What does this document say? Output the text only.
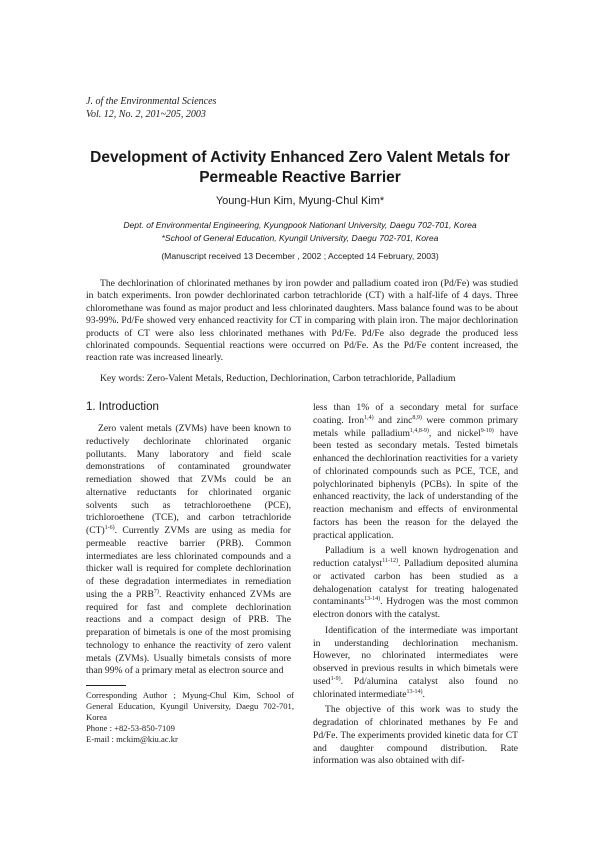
J. of the Environmental Sciences
Vol. 12, No. 2, 201~205, 2003
Development of Activity Enhanced Zero Valent Metals for
Permeable Reactive Barrier
Young-Hun Kim, Myung-Chul Kim*
Dept. of Environmental Engineering, Kyungpook Nationanl University, Daegu 702-701, Korea
*School of General Education, Kyungil University, Daegu 702-701, Korea
(Manuscript received 13 December , 2002 ; Accepted 14 February, 2003)

The dechlorination of chlorinated methanes by iron powder and palladium coated iron (Pd/Fe) was studied in batch experiments. Iron powder dechlorinated carbon tetrachloride (CT) with a half-life of 4 days. Three chloromethane was found as major product and less chlorinated daughters. Mass balance found was to be about 93-99%. Pd/Fe showed very enhanced reactivity for CT in comparing with plain iron. The major dechlorination products of CT were also less chlorinated methanes with Pd/Fe. Pd/Fe also degrade the produced less chlorinated compounds. Sequential reactions were occurred on Pd/Fe. As the Pd/Fe content increased, the reaction rate was increased linearly.

Key words: Zero-Valent Metals, Reduction, Dechlorination, Carbon tetrachloride, Palladium
1. Introduction

Zero valent metals (ZVMs) have been known to reductively dechlorinate chlorinated organic pollutants. Many laboratory and field scale demonstrations of contaminated groundwater remediation showed that ZVMs could be an alternative reductants for chlorinated organic solvents such as tetrachloroethene (PCE), trichloroethene (TCE), and carbon tetrachloride (CT)$^{1-6)}$. Currently ZVMs are using as media for permeable reactive barrier (PRB). Common intermediates are less chlorinated compounds and a thicker wall is required for complete dechlorination of these degradation intermediates in remediation using the a PRB$^{7)}$. Reactivity enhanced ZVMs are required for fast and complete dechlorination reactions and a compact design of PRB. The preparation of bimetals is one of the most promising technology to enhance the reactivity of zero valent metals (ZVMs). Usually bimetals consists of more than 99% of a primary metal as electron source and

less than 1% of a secondary metal for surface coating. Iron$^{1,4)}$ and zinc$^{8,9)}$ were common primary metals while palladium$^{1,4,8-9)}$, and nickel$^{9-10)}$ have been tested as secondary metals. Tested bimetals enhanced the dechlorination reactivities for a variety of chlorinated compounds such as PCE, TCE, and polychlorinated biphenyls (PCBs). In spite of the enhanced reactivity, the lack of understanding of the reaction mechanism and effects of environmental factors has been the reason for the delayed the practical application.

Palladium is a well known hydrogenation and reduction catalyst$^{11-12)}$. Palladium deposited alumina or activated carbon has been studied as a dehalogenation catalyst for treating halogenated contaminants$^{13-14)}$. Hydrogen was the most common electron donors with the catalyst.

Identification of the intermediate was important in understanding dechlorination mechanism. However, no chlorinated intermediates were observed in previous results in which bimetals were used$^{1-9)}$. Pd/alumina catalyst also found no chlorinated intermediate$^{13-14)}$.

The objective of this work was to study the degradation of chlorinated methanes by Fe and Pd/Fe. The experiments provided kinetic data for CT and daughter compound distribution. Rate information was also obtained with dif-

Corresponding Author ; Myung-Chul Kim, School of General Education, Kyungil University, Daegu 702-701, Korea
Phone : +82-53-850-7109
E-mail : mckim@kiu.ac.kr
